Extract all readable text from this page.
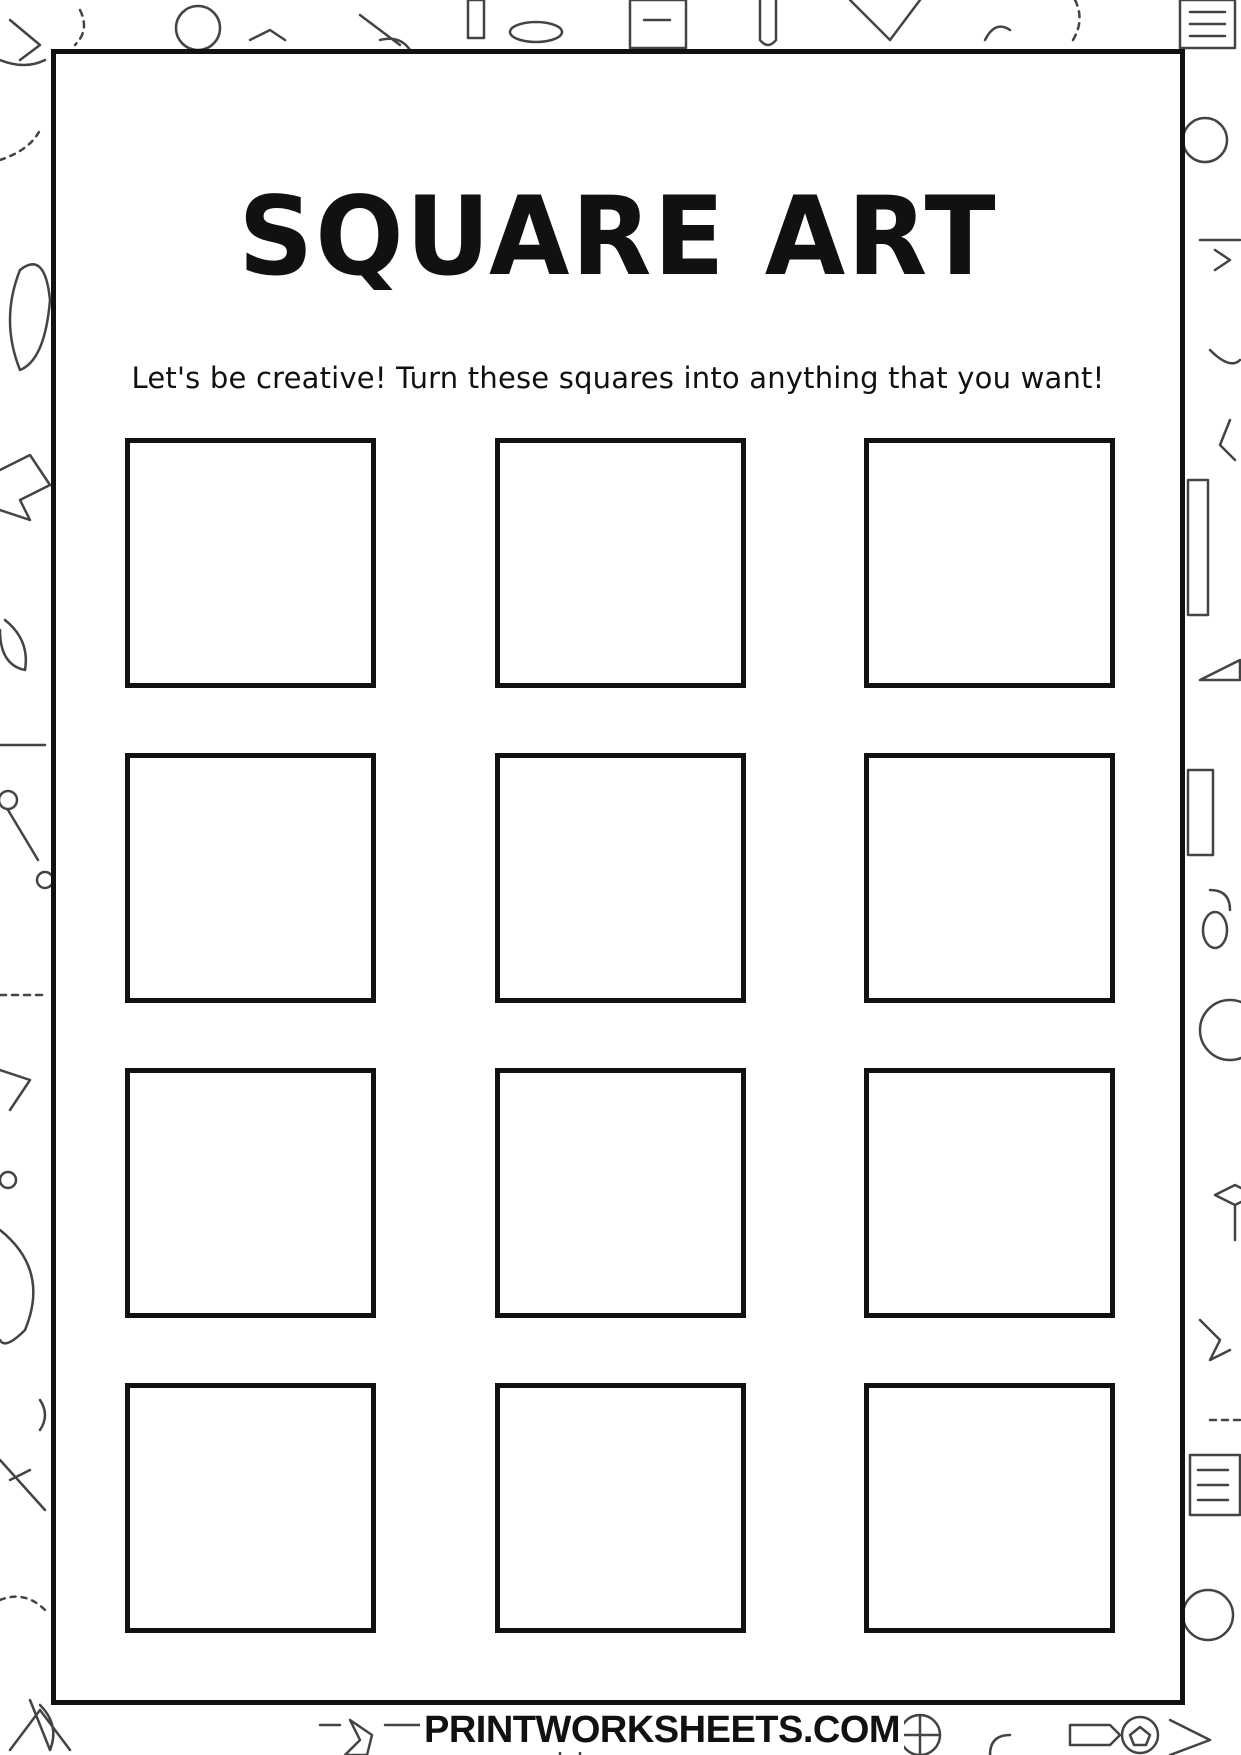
SQUARE ART
Let's be creative! Turn these squares into anything that you want!
PRINTWORKSHEETS.COM
